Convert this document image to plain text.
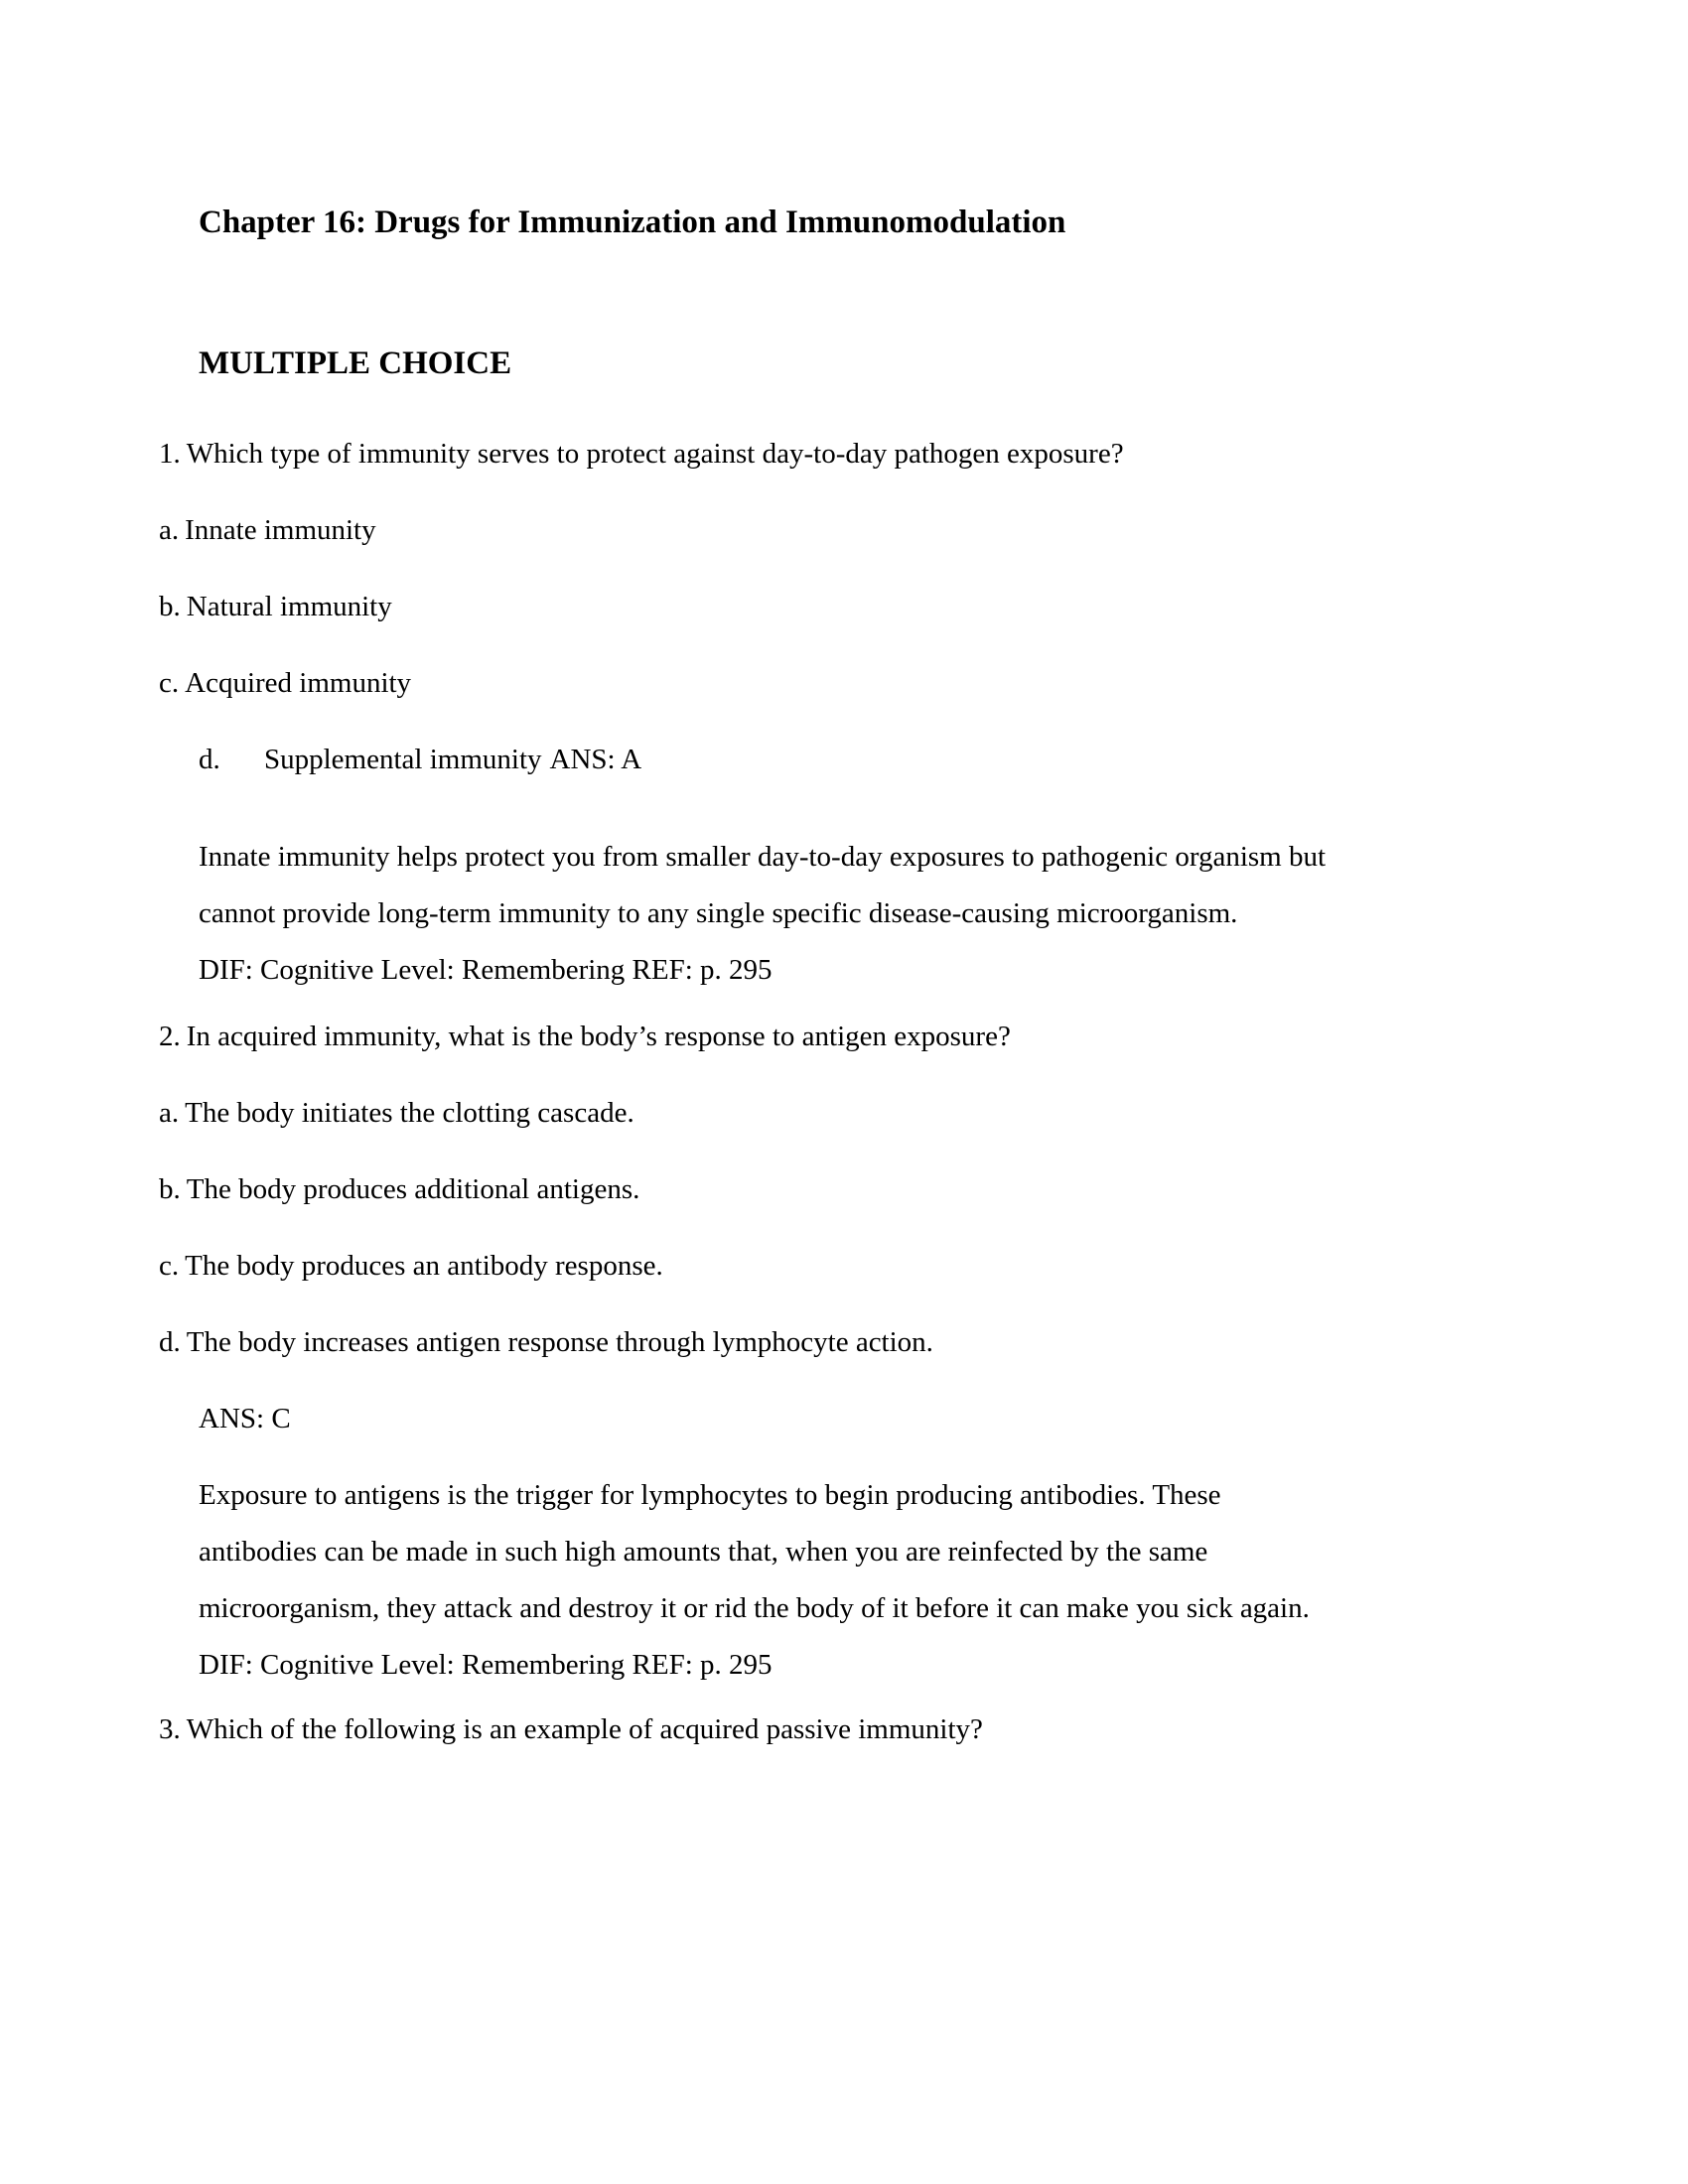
Chapter 16: Drugs for Immunization and Immunomodulation
MULTIPLE CHOICE
1. Which type of immunity serves to protect against day-to-day pathogen exposure?
a. Innate immunity
b. Natural immunity
c. Acquired immunity
d. Supplemental immunity ANS: A
Innate immunity helps protect you from smaller day-to-day exposures to pathogenic organism but
cannot provide long-term immunity to any single specific disease-causing microorganism.
DIF: Cognitive Level: Remembering REF: p. 295
2. In acquired immunity, what is the body’s response to antigen exposure?
a. The body initiates the clotting cascade.
b. The body produces additional antigens.
c. The body produces an antibody response.
d. The body increases antigen response through lymphocyte action.
ANS: C
Exposure to antigens is the trigger for lymphocytes to begin producing antibodies. These
antibodies can be made in such high amounts that, when you are reinfected by the same
microorganism, they attack and destroy it or rid the body of it before it can make you sick again.
DIF: Cognitive Level: Remembering REF: p. 295
3. Which of the following is an example of acquired passive immunity?
